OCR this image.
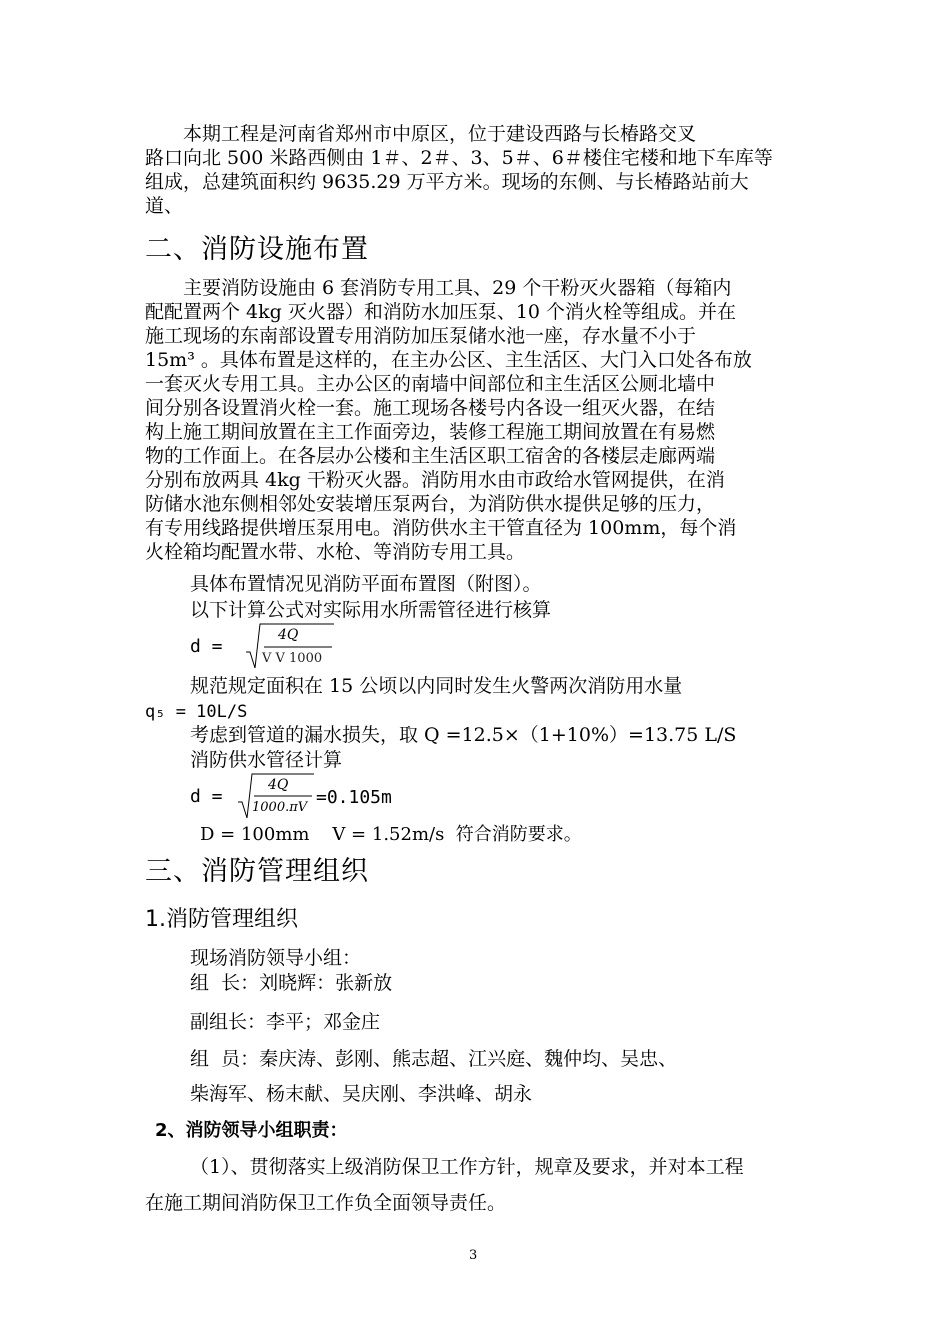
本期工程是河南省郑州市中原区，位于建设西路与长椿路交叉
路口向北 500 米路西侧由 1＃、2＃、3、5＃、6＃楼住宅楼和地下车库等
组成，总建筑面积约 9635.29 万平方米。现场的东侧、与长椿路站前大
道、
二、消防设施布置
主要消防设施由 6 套消防专用工具、29 个干粉灭火器箱（每箱内
配配置两个 4kg 灭火器）和消防水加压泵、10 个消火栓等组成。并在
施工现场的东南部设置专用消防加压泵储水池一座，存水量不小于
15m³ 。具体布置是这样的，在主办公区、主生活区、大门入口处各布放
一套灭火专用工具。主办公区的南墙中间部位和主生活区公厕北墙中
间分别各设置消火栓一套。施工现场各楼号内各设一组灭火器，在结
构上施工期间放置在主工作面旁边，装修工程施工期间放置在有易燃
物的工作面上。在各层办公楼和主生活区职工宿舍的各楼层走廊两端
分别布放两具 4kg 干粉灭火器。消防用水由市政给水管网提供，在消
防储水池东侧相邻处安装增压泵两台，为消防供水提供足够的压力，
有专用线路提供增压泵用电。消防供水主干管直径为 100mm，每个消
火栓箱均配置水带、水枪、等消防专用工具。
具体布置情况见消防平面布置图（附图）。
以下计算公式对实际用水所需管径进行核算
d =
4Q
V V 1000
规范规定面积在 15 公顷以内同时发生火警两次消防用水量
q₅ = 10L/S
考虑到管道的漏水损失，取 Q =12.5×（1+10%）=13.75 L/S
消防供水管径计算
d =
4Q
1000.πV =0.105m
D = 100mm    V = 1.52m/s  符合消防要求。
三、消防管理组织
1.消防管理组织
现场消防领导小组：
组  长：刘晓辉：张新放
副组长：李平；邓金庄
组  员：秦庆涛、彭刚、熊志超、江兴庭、魏仲均、吴忠、
柴海军、杨末献、吴庆刚、李洪峰、胡永
2、消防领导小组职责：
（1）、贯彻落实上级消防保卫工作方针，规章及要求，并对本工程
在施工期间消防保卫工作负全面领导责任。
3
